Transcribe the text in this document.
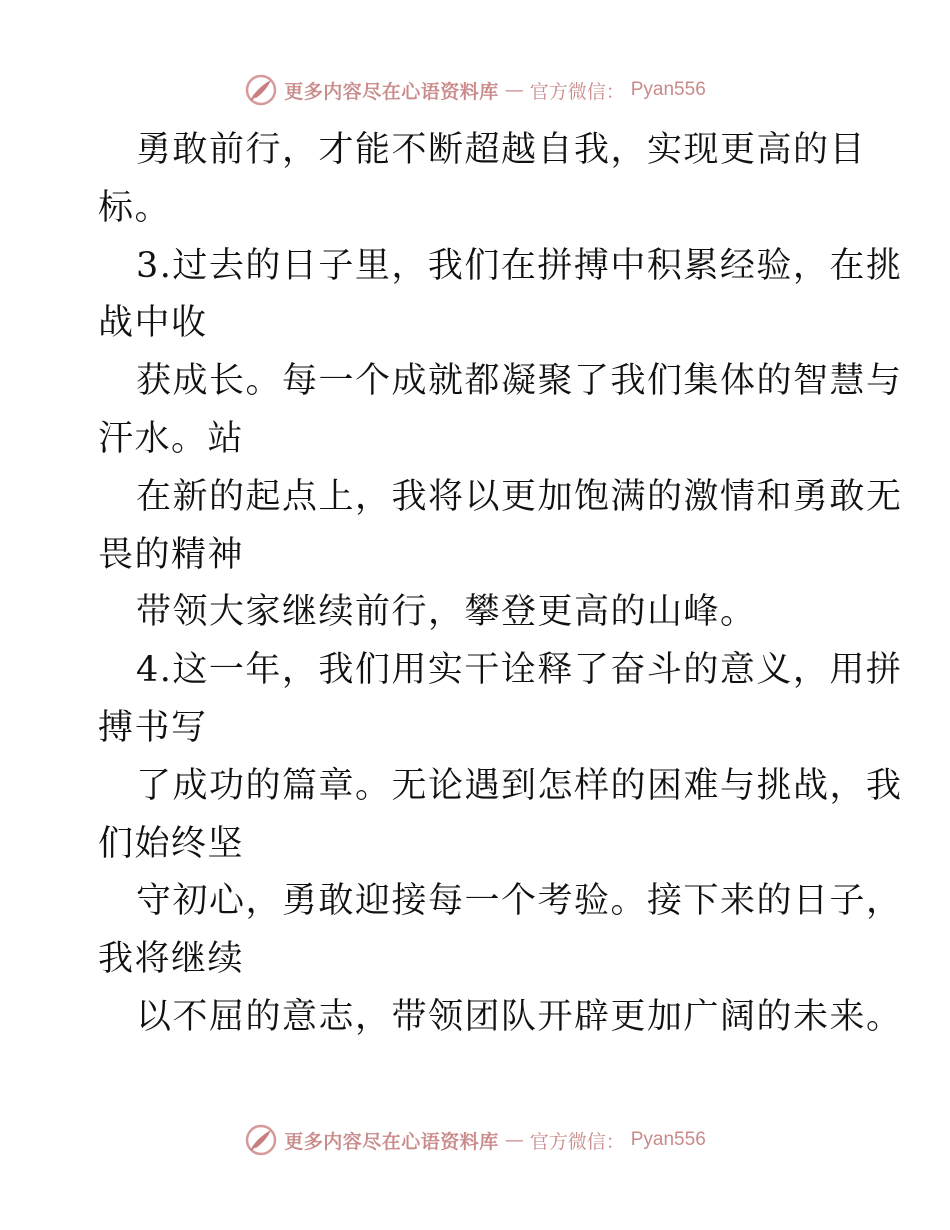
更多内容尽在心语资料库 — 官方微信： Pyan556
勇敢前行，才能不断超越自我，实现更高的目
标。
3.过去的日子里，我们在拼搏中积累经验，在挑
战中收
获成长。每一个成就都凝聚了我们集体的智慧与
汗水。站
在新的起点上，我将以更加饱满的激情和勇敢无
畏的精神
带领大家继续前行，攀登更高的山峰。
4.这一年，我们用实干诠释了奋斗的意义，用拼
搏书写
了成功的篇章。无论遇到怎样的困难与挑战，我
们始终坚
守初心，勇敢迎接每一个考验。接下来的日子，
我将继续
以不屈的意志，带领团队开辟更加广阔的未来。
更多内容尽在心语资料库 — 官方微信： Pyan556
